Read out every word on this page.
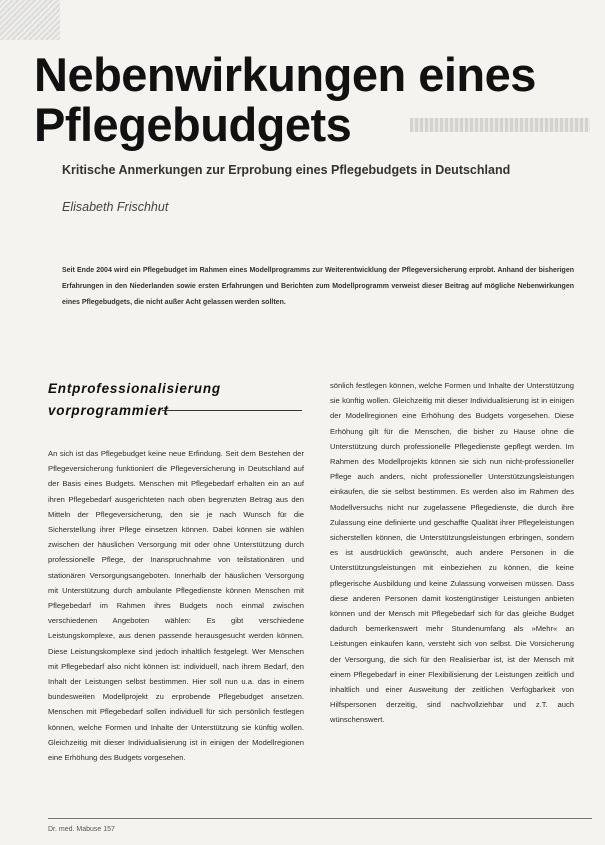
Nebenwirkungen eines
Pflegebudgets

Kritische Anmerkungen zur Erprobung eines Pflegebudgets in Deutschland

Elisabeth Frischhut

Seit Ende 2004 wird ein Pflegebudget im Rahmen eines Modellprogramms zur Weiterentwicklung der Pflegeversicherung erprobt. Anhand der bisherigen Erfahrungen in den Niederlanden sowie ersten Erfahrungen und Berichten zum Modellprogramm verweist dieser Beitrag auf mögliche Nebenwirkungen eines Pflegebudgets, die nicht außer Acht gelassen werden sollten.

Entprofessionalisierung vorprogrammiert

An sich ist das Pflegebudget keine neue Erfindung. Seit dem Bestehen der Pflegeversicherung funktioniert die Pflegeversicherung in Deutschland auf der Basis eines Budgets. Menschen mit Pflegebedarf erhalten ein an auf ihren Pflegebedarf ausgerichteten nach oben begrenzten Betrag aus den Mitteln der Pflegeversicherung, den sie je nach Wunsch für die Sicherstellung ihrer Pflege einsetzen können. Dabei können sie wählen zwischen der häuslichen Versorgung mit oder ohne Unterstützung durch professionelle Pflege, der Inanspruchnahme von teilstationären und stationären Versorgungsangeboten. Innerhalb der häuslichen Versorgung mit Unterstützung durch ambulante Pflegedienste können Menschen mit Pflegebedarf im Rahmen ihres Budgets noch einmal zwischen verschiedenen Angeboten wählen: Es gibt verschiedene Leistungskomplexe, aus denen passende herausgesucht werden können. Diese Leistungskomplexe sind jedoch inhaltlich festgelegt. Wer Menschen mit Pflegebedarf also nicht können ist: individuell, nach ihrem Bedarf, den Inhalt der Leistungen selbst bestimmen. Hier soll nun u.a. das in einem bundesweiten Modellprojekt zu erprobende Pflegebudget ansetzen. Menschen mit Pflegebedarf sollen individuell für sich persönlich festlegen können, welche Formen und Inhalte der Unterstützung sie künftig wollen. Gleichzeitig mit dieser Individualisierung ist in einigen der Modellregionen eine Erhöhung des Budgets vorgesehen.

sönlich festlegen können, welche Formen und Inhalte der Unterstützung sie künftig wollen. Gleichzeitig mit dieser Individualisierung ist in einigen der Modellregionen eine Erhöhung des Budgets vorgesehen. Diese Erhöhung gilt für die Menschen, die bisher zu Hause ohne die Unterstützung durch professionelle Pflegedienste gepflegt werden. Im Rahmen des Modellprojekts können sie sich nun nicht-professioneller Pflege auch anders, nicht professioneller Unterstützungsleistungen einkaufen, die sie selbst bestimmen. Es werden also im Rahmen des Modellversuchs nicht nur zugelassene Pflegedienste, die durch ihre Zulassung eine definierte und geschaffte Qualität ihrer Pflegeleistungen sicherstellen können, die Unterstützungsleistungen erbringen, sondern es ist ausdrücklich gewünscht, auch andere Personen in die Unterstützungsleistungen mit einbeziehen zu können, die keine pflegerische Ausbildung und keine Zulassung vorweisen müssen. Dass diese anderen Personen damit kostengünstiger Leistungen anbieten können und der Mensch mit Pflegebedarf sich für das gleiche Budget dadurch bemerkenswert mehr Stundenumfang als »Mehr« an Leistungen einkaufen kann, versteht sich von selbst. Die Vorsicherung der Versorgung, die sich für den Realisierbar ist, ist der Mensch mit einem Pflegebedarf in einer Flexibilisierung der Leistungen zeitlich und inhaltlich und einer Ausweitung der zeitlichen Verfügbarkeit von Hilfspersonen derzeitig, sind nachvollziehbar und z.T. auch wünschenswert.

Dr. med. Mabuse 157
